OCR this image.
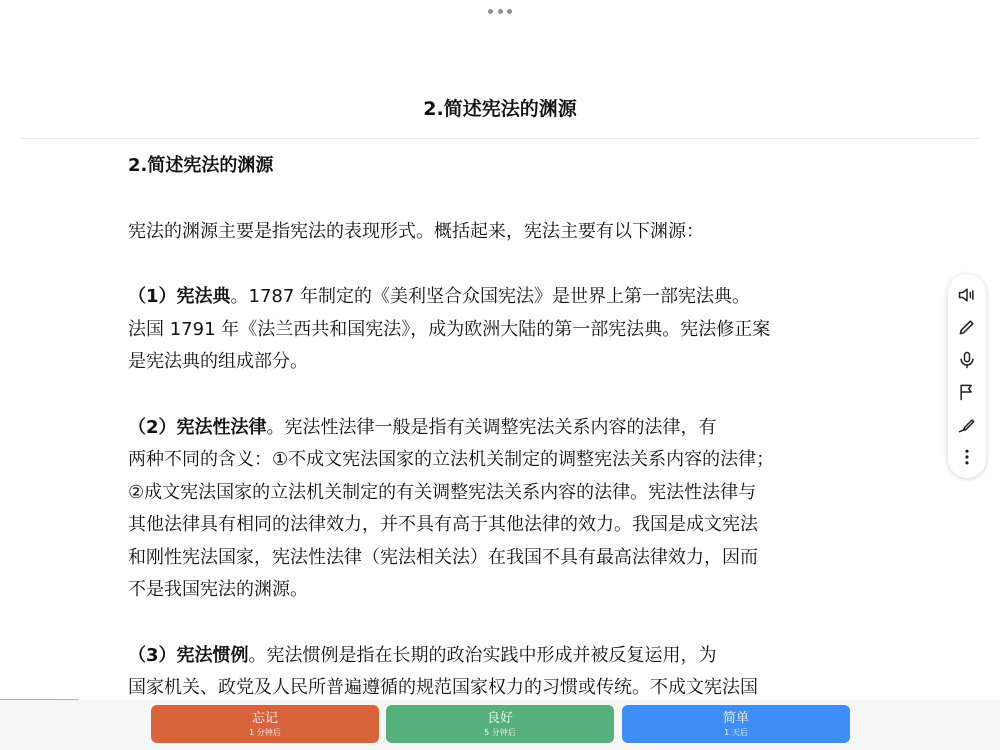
2.简述宪法的渊源

2.简述宪法的渊源

宪法的渊源主要是指宪法的表现形式。概括起来，宪法主要有以下渊源：

（1）宪法典。1787 年制定的《美利坚合众国宪法》是世界上第一部宪法典。
法国 1791 年《法兰西共和国宪法》，成为欧洲大陆的第一部宪法典。宪法修正案
是宪法典的组成部分。

（2）宪法性法律。宪法性法律一般是指有关调整宪法关系内容的法律，有
两种不同的含义：①不成文宪法国家的立法机关制定的调整宪法关系内容的法律；
②成文宪法国家的立法机关制定的有关调整宪法关系内容的法律。宪法性法律与
其他法律具有相同的法律效力，并不具有高于其他法律的效力。我国是成文宪法
和刚性宪法国家，宪法性法律（宪法相关法）在我国不具有最高法律效力，因而
不是我国宪法的渊源。

（3）宪法惯例。宪法惯例是指在长期的政治实践中形成并被反复运用，为
国家机关、政党及人民所普遍遵循的规范国家权力的习惯或传统。不成文宪法国

忘记
1 分钟后
良好
5 分钟后
简单
1 天后
